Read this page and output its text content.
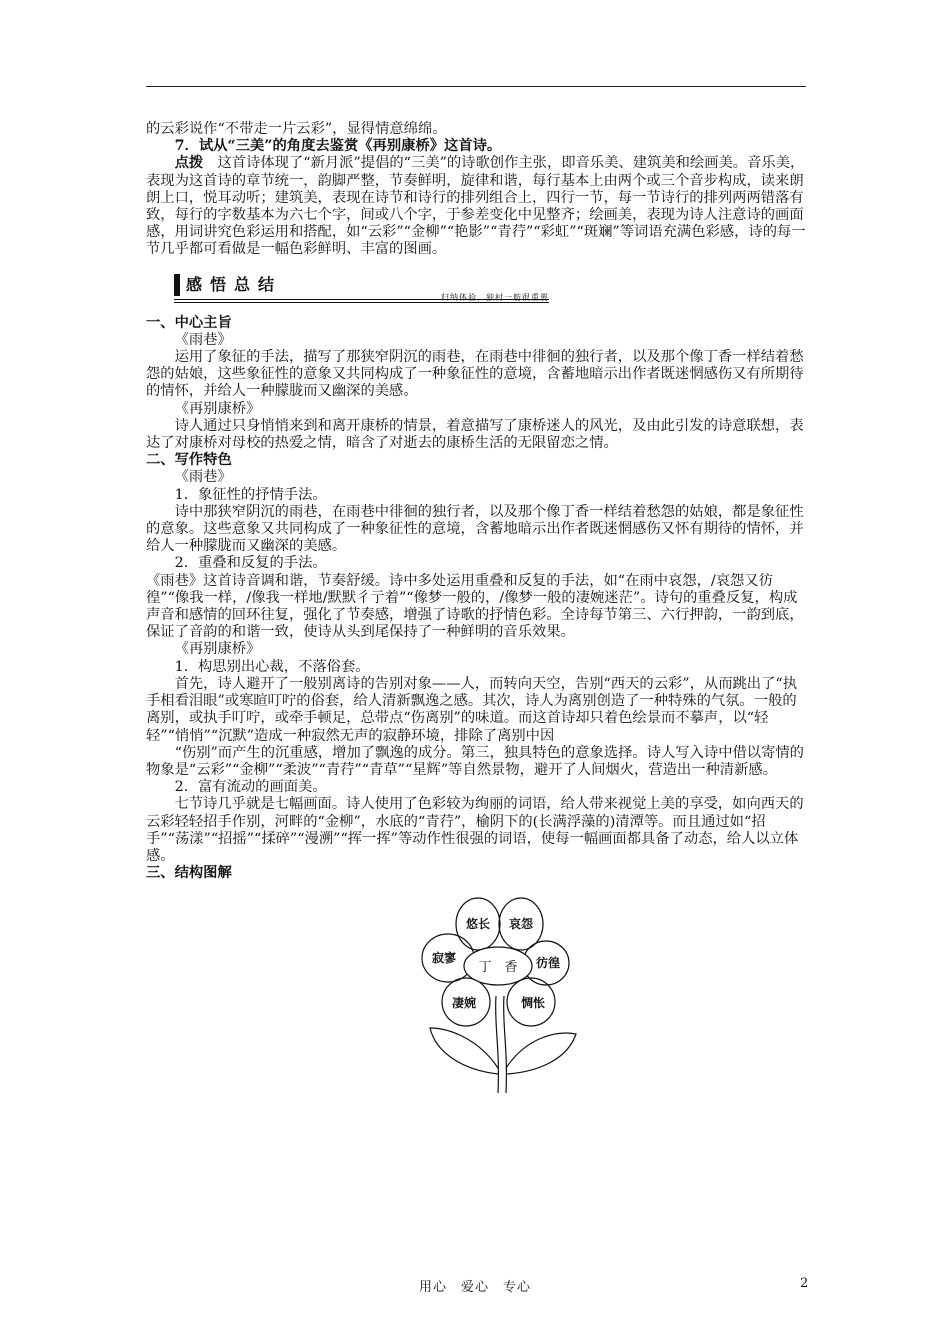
的云彩说作“不带走一片云彩”，显得情意绵绵。

7．试从“三美”的角度去鉴赏《再别康桥》这首诗。

点拨　这首诗体现了“新月派”提倡的“三美”的诗歌创作主张，即音乐美、建筑美和绘画美。音乐美，表现为这首诗的章节统一，韵脚严整，节奏鲜明，旋律和谐，每行基本上由两个或三个音步构成，读来朗朗上口，悦耳动听；建筑美，表现在诗节和诗行的排列组合上，四行一节，每一节诗行的排列两两错落有致，每行的字数基本为六七个字，间或八个字，于参差变化中见整齐；绘画美，表现为诗人注意诗的画面感，用词讲究色彩运用和搭配，如“云彩”“金柳”“艳影”“青荇”“彩虹”“斑斓”等词语充满色彩感，诗的每一节几乎都可看做是一幅色彩鲜明、丰富的图画。

感悟总结
归纳体验，独村一舫很重要

一、中心主旨

《雨巷》

运用了象征的手法，描写了那狭窄阴沉的雨巷，在雨巷中徘徊的独行者，以及那个像丁香一样结着愁怨的姑娘，这些象征性的意象又共同构成了一种象征性的意境，含蓄地暗示出作者既迷惘感伤又有所期待的情怀，并给人一种朦胧而又幽深的美感。

《再别康桥》

诗人通过只身悄悄来到和离开康桥的情景，着意描写了康桥迷人的风光，及由此引发的诗意联想，表达了对康桥对母校的热爱之情，暗含了对逝去的康桥生活的无限留恋之情。

二、写作特色

《雨巷》

1．象征性的抒情手法。

诗中那狭窄阴沉的雨巷，在雨巷中徘徊的独行者，以及那个像丁香一样结着愁怨的姑娘，都是象征性的意象。这些意象又共同构成了一种象征性的意境，含蓄地暗示出作者既迷惘感伤又怀有期待的情怀，并给人一种朦胧而又幽深的美感。

2．重叠和反复的手法。

《雨巷》这首诗音调和谐，节奏舒缓。诗中多处运用重叠和反复的手法，如“在雨中哀怨，/哀怨又彷徨”“像我一样，/像我一样地/默默彳亍着”“像梦一般的，/像梦一般的凄婉迷茫”。诗句的重叠反复，构成声音和感情的回环往复，强化了节奏感，增强了诗歌的抒情色彩。全诗每节第三、六行押韵，一韵到底，保证了音韵的和谐一致，使诗从头到尾保持了一种鲜明的音乐效果。

《再别康桥》

1．构思别出心裁，不落俗套。

首先，诗人避开了一般别离诗的告别对象——人，而转向天空，告别“西天的云彩”，从而跳出了“执手相看泪眼”或寒暄叮咛的俗套，给人清新飘逸之感。其次，诗人为离别创造了一种特殊的气氛。一般的离别，或执手叮咛，或牵手顿足，总带点“伤离别”的味道。而这首诗却只着色绘景而不摹声，以“轻轻”“悄悄”“沉默”造成一种寂然无声的寂静环境，排除了离别中因

“伤别”而产生的沉重感，增加了飘逸的成分。第三，独具特色的意象选择。诗人写入诗中借以寄情的物象是“云彩”“金柳”“柔波”“青荇”“青草”“星辉”等自然景物，避开了人间烟火，营造出一种清新感。

2．富有流动的画面美。

七节诗几乎就是七幅画面。诗人使用了色彩较为绚丽的词语，给人带来视觉上美的享受，如向西天的云彩轻轻招手作别，河畔的“金柳”，水底的“青荇”，榆阴下的(长满浮藻的)清潭等。而且通过如“招手”“荡漾”“招摇”“揉碎”“漫溯”“挥一挥”等动作性很强的词语，使每一幅画面都具备了动态，给人以立体感。

三、结构图解

悠长 哀怨
彷徨
惆怅
凄婉
寂寥
丁　香
用心　爱心　专心	2
